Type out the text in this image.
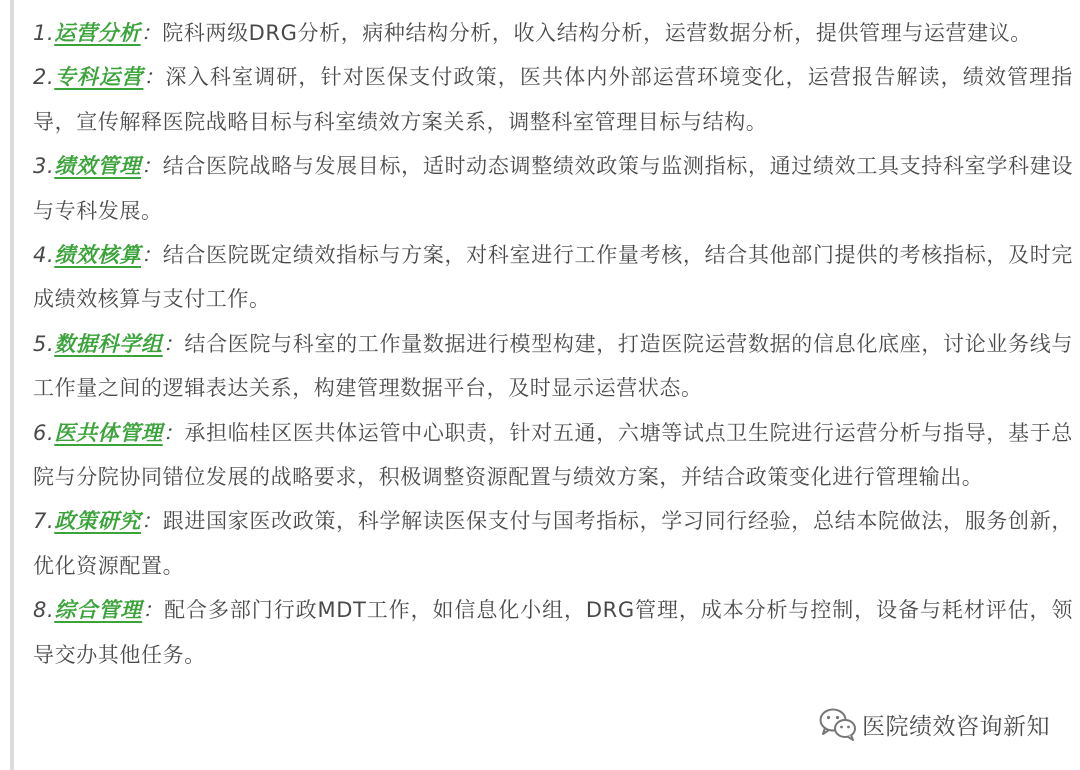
1.运营分析：院科两级DRG分析，病种结构分析，收入结构分析，运营数据分析，提供管理与运营建议。
2.专科运营：深入科室调研，针对医保支付政策，医共体内外部运营环境变化，运营报告解读，绩效管理指导，宣传解释医院战略目标与科室绩效方案关系，调整科室管理目标与结构。
3.绩效管理：结合医院战略与发展目标，适时动态调整绩效政策与监测指标，通过绩效工具支持科室学科建设与专科发展。
4.绩效核算：结合医院既定绩效指标与方案，对科室进行工作量考核，结合其他部门提供的考核指标，及时完成绩效核算与支付工作。
5.数据科学组：结合医院与科室的工作量数据进行模型构建，打造医院运营数据的信息化底座，讨论业务线与工作量之间的逻辑表达关系，构建管理数据平台，及时显示运营状态。
6.医共体管理：承担临桂区医共体运管中心职责，针对五通，六塘等试点卫生院进行运营分析与指导，基于总院与分院协同错位发展的战略要求，积极调整资源配置与绩效方案，并结合政策变化进行管理输出。
7.政策研究：跟进国家医改政策，科学解读医保支付与国考指标，学习同行经验，总结本院做法，服务创新，优化资源配置。
8.综合管理：配合多部门行政MDT工作，如信息化小组，DRG管理，成本分析与控制，设备与耗材评估，领导交办其他任务。
医院绩效咨询新知
